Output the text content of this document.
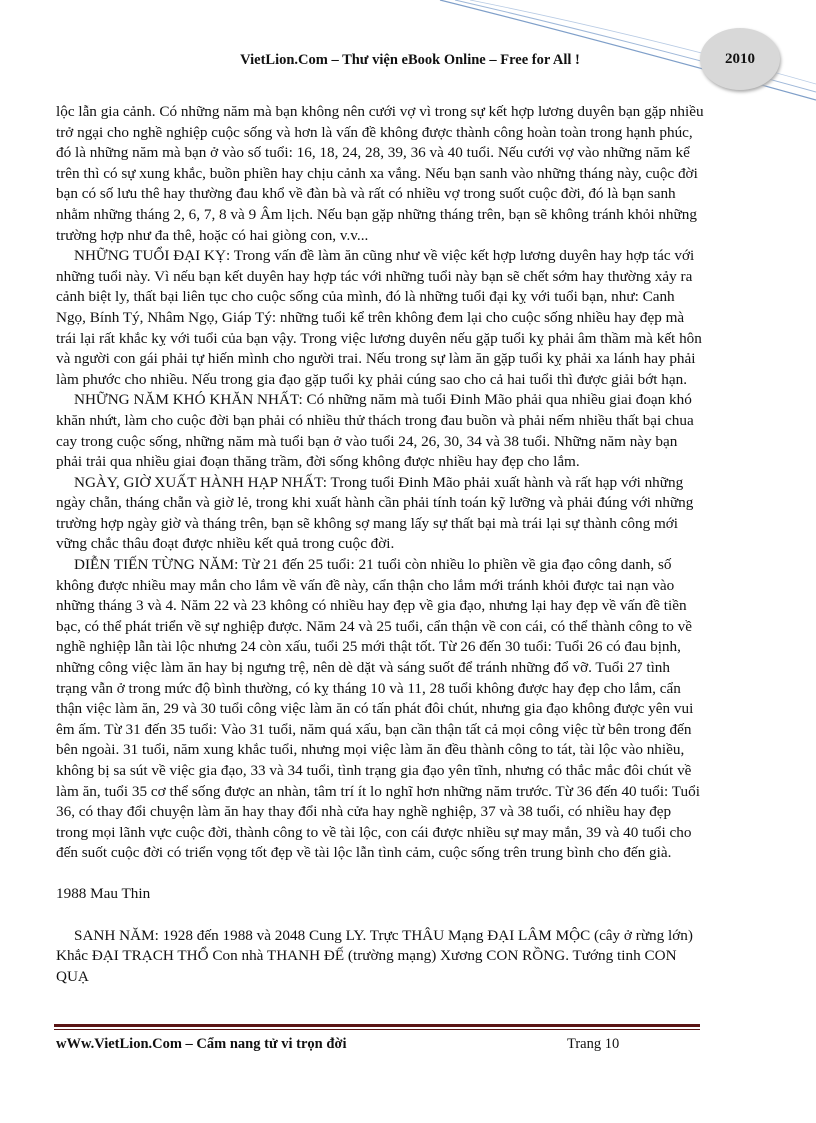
VietLion.Com – Thư viện eBook Online – Free for All !	2010

lộc lẫn gia cảnh. Có những năm mà bạn không nên cưới vợ vì trong sự kết hợp lương duyên bạn gặp nhiều trở ngại cho nghề nghiệp cuộc sống và hơn là vấn đề không được thành công hoàn toàn trong hạnh phúc, đó là những năm mà bạn ở vào số tuổi: 16, 18, 24, 28, 39, 36 và 40 tuổi. Nếu cưới vợ vào những năm kể trên thì có sự xung khắc, buồn phiền hay chịu cảnh xa vắng. Nếu bạn sanh vào những tháng này, cuộc đời bạn có số lưu thê hay thường đau khổ về đàn bà và rất có nhiều vợ trong suốt cuộc đời, đó là bạn sanh nhằm những tháng 2, 6, 7, 8 và 9 Âm lịch. Nếu bạn gặp những tháng trên, bạn sẽ không tránh khỏi những trường hợp như đa thê, hoặc có hai giòng con, v.v...

NHỮNG TUỔI ĐẠI KỴ: Trong vấn đề làm ăn cũng như về việc kết hợp lương duyên hay hợp tác với những tuổi này. Vì nếu bạn kết duyên hay hợp tác với những tuổi này bạn sẽ chết sớm hay thường xảy ra cảnh biệt ly, thất bại liên tục cho cuộc sống của mình, đó là những tuổi đại kỵ với tuổi bạn, như: Canh Ngọ, Bính Tý, Nhâm Ngọ, Giáp Tý: những tuổi kể trên không đem lại cho cuộc sống nhiều hay đẹp mà trái lại rất khắc kỵ với tuổi của bạn vậy. Trong việc lương duyên nếu gặp tuổi kỵ phải âm thầm mà kết hôn và người con gái phải tự hiến mình cho người trai. Nếu trong sự làm ăn gặp tuổi kỵ phải xa lánh hay phải làm phước cho nhiều. Nếu trong gia đạo gặp tuổi kỵ phải cúng sao cho cả hai tuổi thì được giải bớt hạn.

NHỮNG NĂM KHÓ KHĂN NHẤT: Có những năm mà tuổi Đinh Mão phải qua nhiều giai đoạn khó khăn nhứt, làm cho cuộc đời bạn phải có nhiều thử thách trong đau buồn và phải nếm nhiều thất bại chua cay trong cuộc sống, những năm mà tuổi bạn ở vào tuổi 24, 26, 30, 34 và 38 tuổi. Những năm này bạn phải trải qua nhiều giai đoạn thăng trầm, đời sống không được nhiều hay đẹp cho lắm.

NGÀY, GIỜ XUẤT HÀNH HẠP NHẤT: Trong tuổi Đinh Mão phải xuất hành và rất hạp với những ngày chẵn, tháng chẵn và giờ lẻ, trong khi xuất hành cần phải tính toán kỹ lưỡng và phải đúng với những trường hợp ngày giờ và tháng trên, bạn sẽ không sợ mang lấy sự thất bại mà trái lại sự thành công mới vững chắc thâu đoạt được nhiều kết quả trong cuộc đời.

DIỄN TIẾN TỪNG NĂM: Từ 21 đến 25 tuổi: 21 tuổi còn nhiều lo phiền về gia đạo công danh, số không được nhiều may mắn cho lắm về vấn đề này, cẩn thận cho lắm mới tránh khỏi được tai nạn vào những tháng 3 và 4. Năm 22 và 23 không có nhiều hay đẹp về gia đạo, nhưng lại hay đẹp về vấn đề tiền bạc, có thể phát triển về sự nghiệp được. Năm 24 và 25 tuổi, cẩn thận về con cái, có thể thành công to về nghề nghiệp lẫn tài lộc nhưng 24 còn xấu, tuổi 25 mới thật tốt. Từ 26 đến 30 tuổi: Tuổi 26 có đau bịnh, những công việc làm ăn hay bị ngưng trệ, nên dè dặt và sáng suốt để tránh những đổ vỡ. Tuổi 27 tình trạng vẫn ở trong mức độ bình thường, có kỵ tháng 10 và 11, 28 tuổi không được hay đẹp cho lắm, cẩn thận việc làm ăn, 29 và 30 tuổi công việc làm ăn có tấn phát đôi chút, nhưng gia đạo không được yên vui êm ấm. Từ 31 đến 35 tuổi: Vào 31 tuổi, năm quá xấu, bạn cần thận tất cả mọi công việc từ bên trong đến bên ngoài. 31 tuổi, năm xung khắc tuổi, nhưng mọi việc làm ăn đều thành công to tát, tài lộc vào nhiều, không bị sa sút về việc gia đạo, 33 và 34 tuổi, tình trạng gia đạo yên tĩnh, nhưng có thắc mắc đôi chút về làm ăn, tuổi 35 cơ thể sống được an nhàn, tâm trí ít lo nghĩ hơn những năm trước. Từ 36 đến 40 tuổi: Tuổi 36, có thay đổi chuyện làm ăn hay thay đổi nhà cửa hay nghề nghiệp, 37 và 38 tuổi, có nhiều hay đẹp trong mọi lãnh vực cuộc đời, thành công to về tài lộc, con cái được nhiều sự may mắn, 39 và 40 tuổi cho đến suốt cuộc đời có triển vọng tốt đẹp về tài lộc lẫn tình cảm, cuộc sống trên trung bình cho đến già.

1988 Mau Thin

SANH NĂM: 1928 đến 1988 và 2048 Cung LY. Trực THÂU Mạng ĐẠI LÂM MỘC (cây ở rừng lớn) Khắc ĐẠI TRẠCH THỔ Con nhà THANH ĐẾ (trường mạng) Xương CON RỒNG. Tướng tinh CON QUẠ

wWw.VietLion.Com – Cẩm nang tử vi trọn đời	Trang 10
